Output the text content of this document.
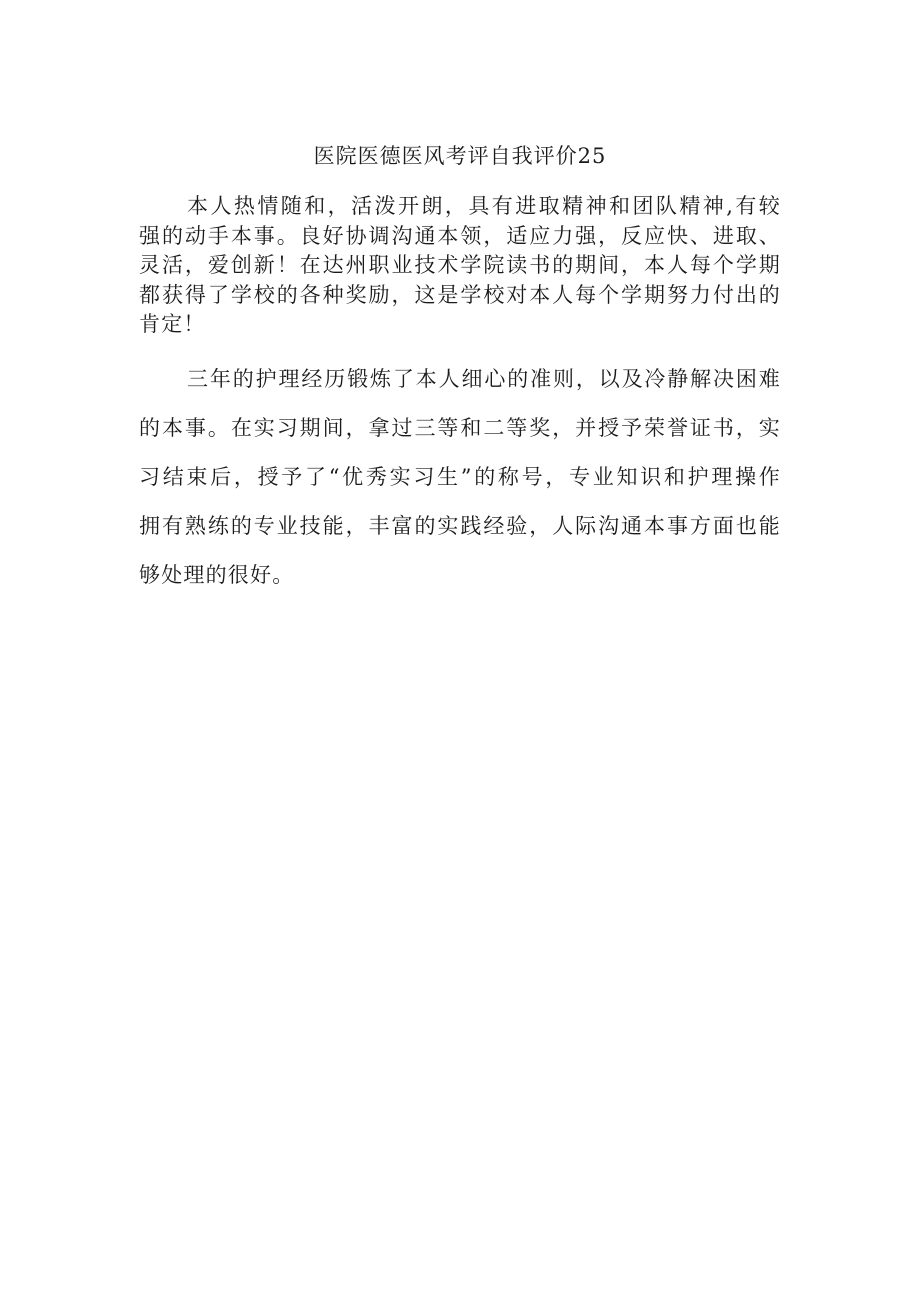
医院医德医风考评自我评价25
本人热情随和，活泼开朗，具有进取精神和团队精神,有较
强的动手本事。良好协调沟通本领，适应力强，反应快、进取、
灵活，爱创新！在达州职业技术学院读书的期间，本人每个学期
都获得了学校的各种奖励，这是学校对本人每个学期努力付出的
肯定！
三年的护理经历锻炼了本人细心的准则，以及冷静解决困难
的本事。在实习期间，拿过三等和二等奖，并授予荣誉证书，实
习结束后，授予了“优秀实习生”的称号，专业知识和护理操作
拥有熟练的专业技能，丰富的实践经验，人际沟通本事方面也能
够处理的很好。
